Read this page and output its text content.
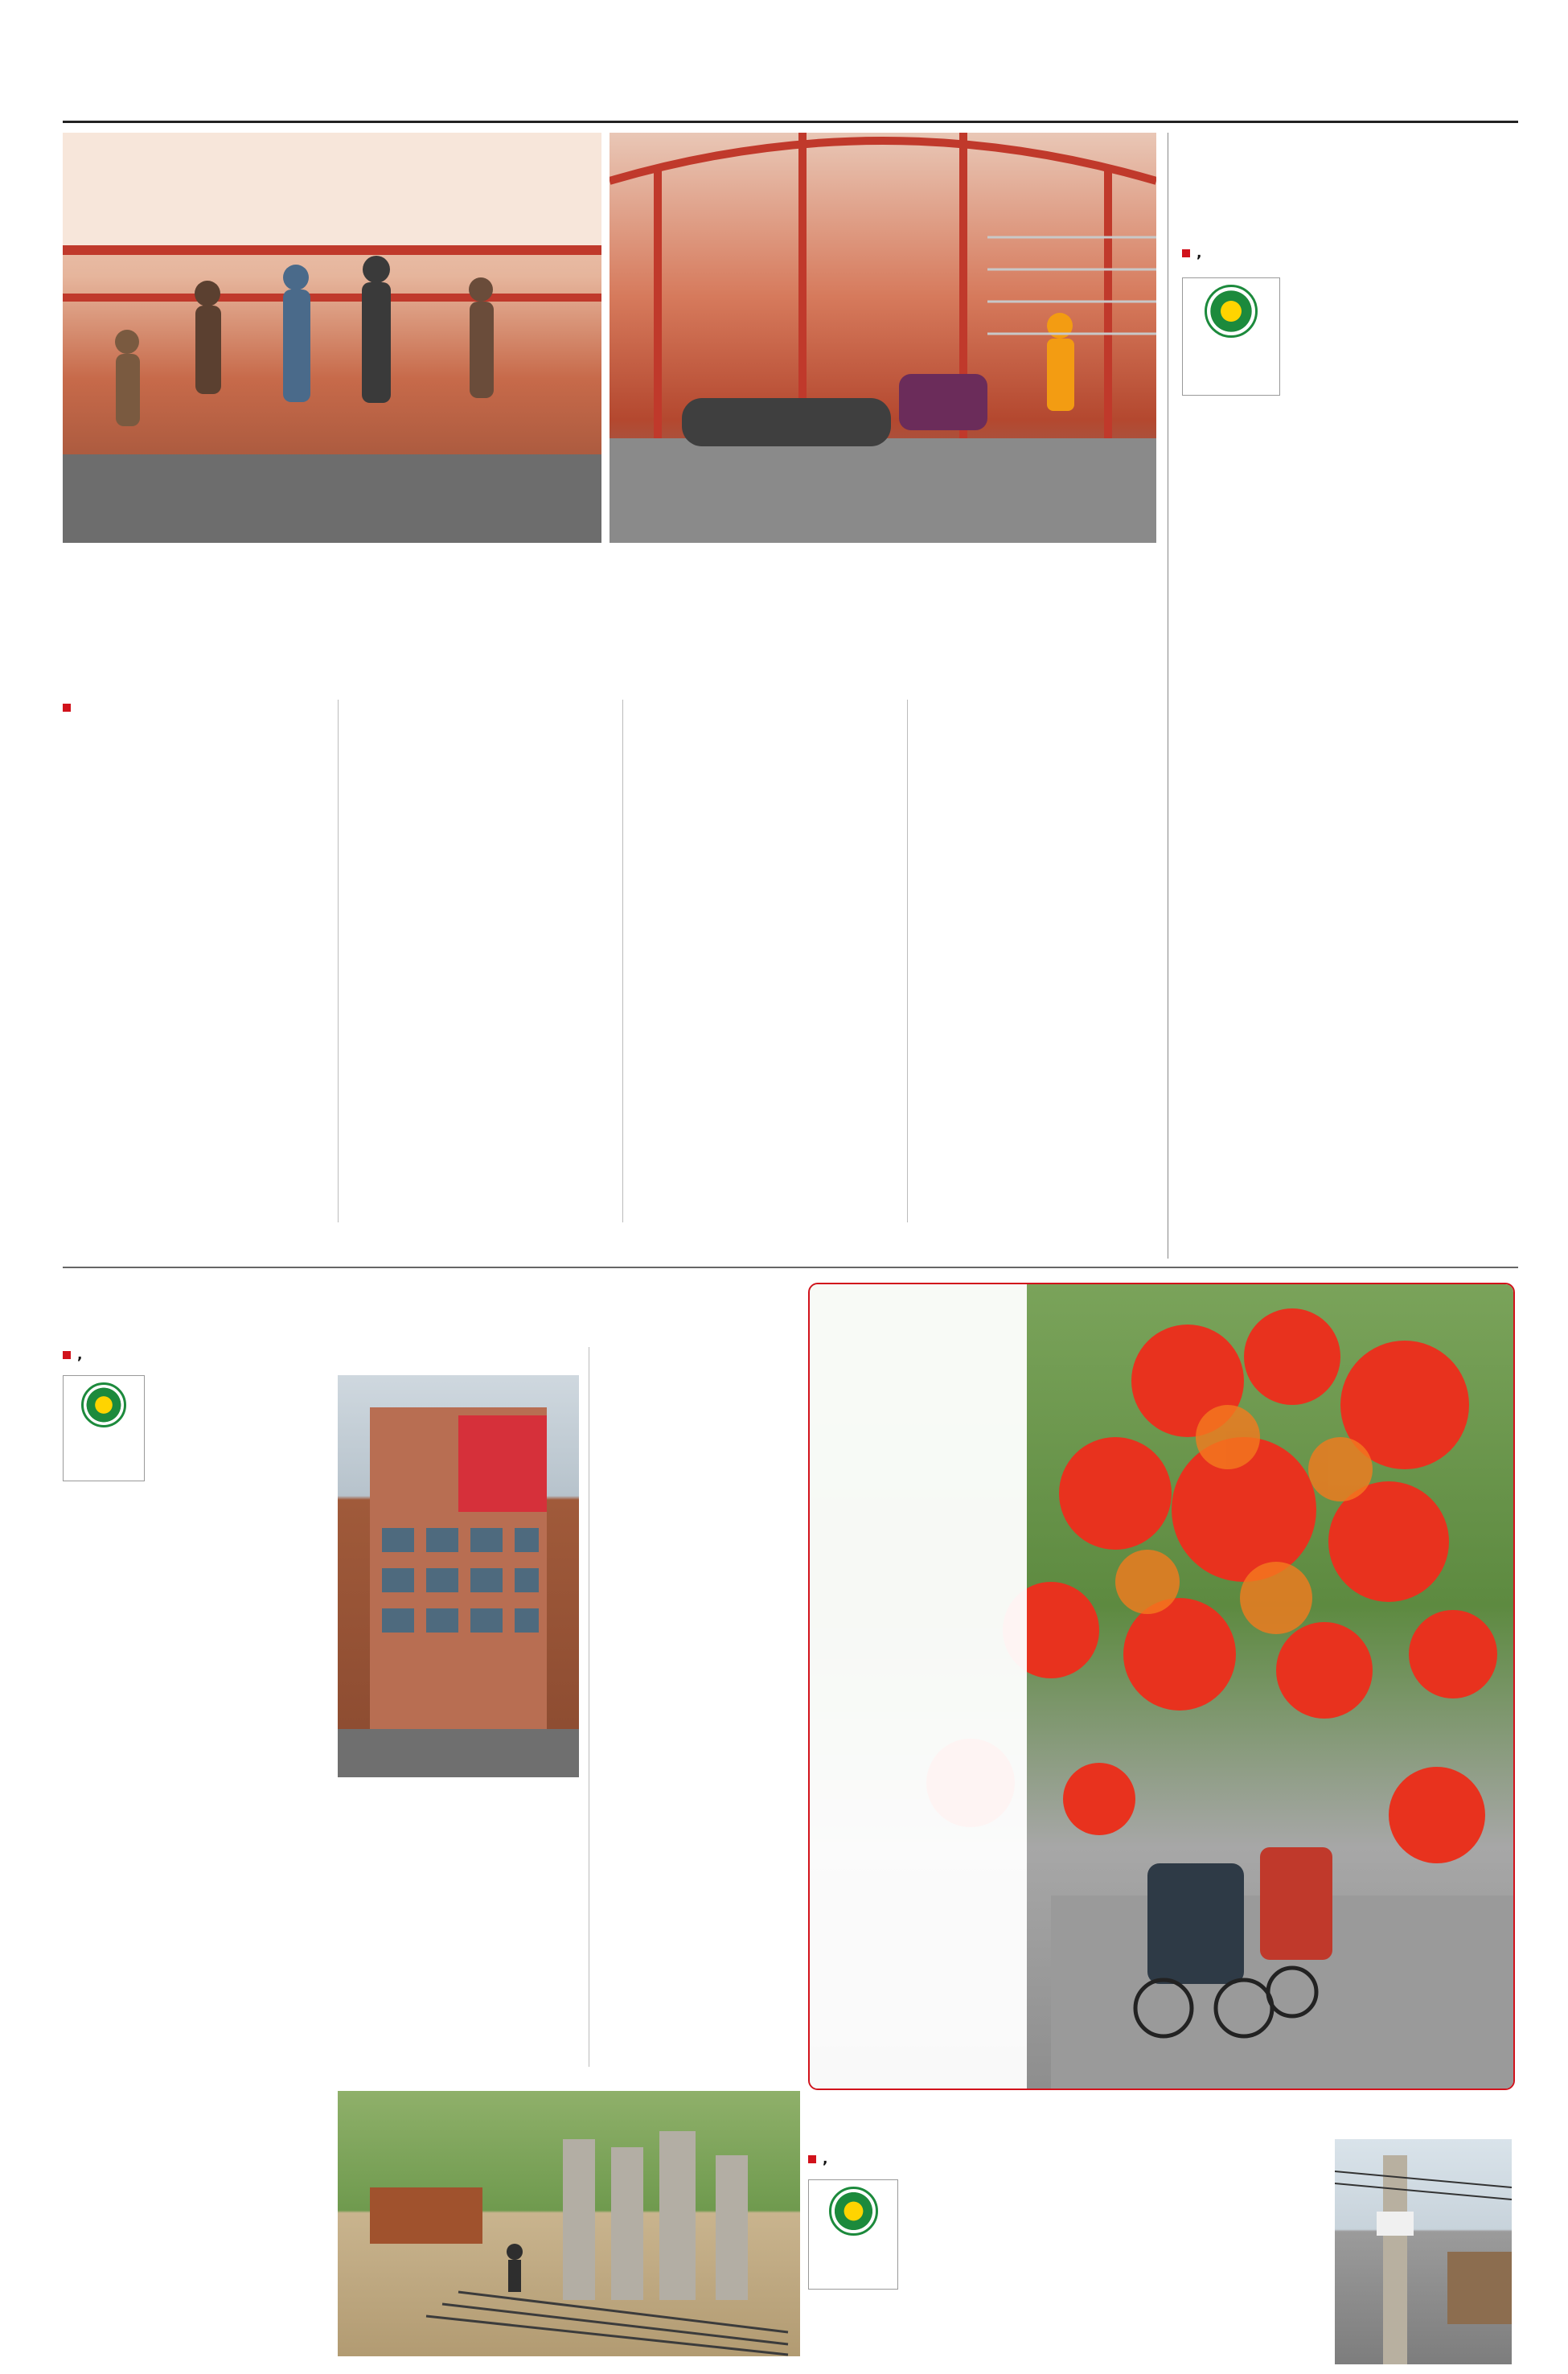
,

,

,
